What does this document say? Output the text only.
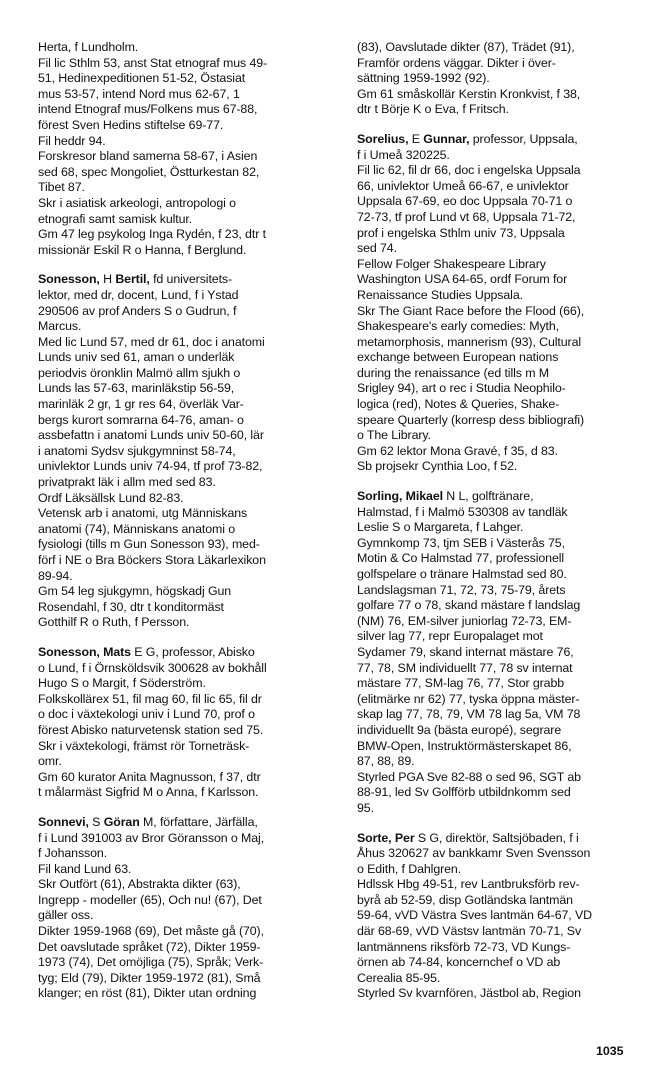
Herta, f Lundholm.
Fil lic Sthlm 53, anst Stat etnograf mus 49-
51, Hedinexpeditionen 51-52, Östasiat
mus 53-57, intend Nord mus 62-67, 1
intend Etnograf mus/Folkens mus 67-88,
förest Sven Hedins stiftelse 69-77.
Fil heddr 94.
Forskresor bland samerna 58-67, i Asien
sed 68, spec Mongoliet, Östturkestan 82,
Tibet 87.
Skr i asiatisk arkeologi, antropologi o
etnografi samt samisk kultur.
Gm 47 leg psykolog Inga Rydén, f 23, dtr t
missionär Eskil R o Hanna, f Berglund.
Sonesson, H Bertil, fd universitets-
lektor, med dr, docent, Lund, f i Ystad
290506 av prof Anders S o Gudrun, f
Marcus.
Med lic Lund 57, med dr 61, doc i anatomi
Lunds univ sed 61, aman o underläk
periodvis öronklin Malmö allm sjukh o
Lunds las 57-63, marinläkstip 56-59,
marinläk 2 gr, 1 gr res 64, överläk Var-
bergs kurort somrarna 64-76, aman- o
assbefattn i anatomi Lunds univ 50-60, lär
i anatomi Sydsv sjukgymninst 58-74,
univlektor Lunds univ 74-94, tf prof 73-82,
privatprakt läk i allm med sed 83.
Ordf Läksällsk Lund 82-83.
Vetensk arb i anatomi, utg Människans
anatomi (74), Människans anatomi o
fysiologi (tills m Gun Sonesson 93), med-
förf i NE o Bra Böckers Stora Läkarlexikon
89-94.
Gm 54 leg sjukgymn, högskadj Gun
Rosendahl, f 30, dtr t konditormäst
Gotthilf R o Ruth, f Persson.
Sonesson, Mats E G, professor, Abisko
o Lund, f i Örnsköldsvik 300628 av bokhåll
Hugo S o Margit, f Söderström.
Folkskollärex 51, fil mag 60, fil lic 65, fil dr
o doc i växtekologi univ i Lund 70, prof o
förest Abisko naturvetensk station sed 75.
Skr i växtekologi, främst rör Torneträsk-
omr.
Gm 60 kurator Anita Magnusson, f 37, dtr
t målarmäst Sigfrid M o Anna, f Karlsson.
Sonnevi, S Göran M, författare, Järfälla,
f i Lund 391003 av Bror Göransson o Maj,
f Johansson.
Fil kand Lund 63.
Skr Outfört (61), Abstrakta dikter (63),
Ingrepp - modeller (65), Och nu! (67), Det
gäller oss.
Dikter 1959-1968 (69), Det måste gå (70),
Det oavslutade språket (72), Dikter 1959-
1973 (74), Det omöjliga (75), Språk; Verk-
tyg; Eld (79), Dikter 1959-1972 (81), Små
klanger; en röst (81), Dikter utan ordning
(83), Oavslutade dikter (87), Trädet (91),
Framför ordens väggar. Dikter i över-
sättning 1959-1992 (92).
Gm 61 småskollär Kerstin Kronkvist, f 38,
dtr t Börje K o Eva, f Fritsch.
Sorelius, E Gunnar, professor, Uppsala,
f i Umeå 320225.
Fil lic 62, fil dr 66, doc i engelska Uppsala
66, univlektor Umeå 66-67, e univlektor
Uppsala 67-69, eo doc Uppsala 70-71 o
72-73, tf prof Lund vt 68, Uppsala 71-72,
prof i engelska Sthlm univ 73, Uppsala
sed 74.
Fellow Folger Shakespeare Library
Washington USA 64-65, ordf Forum for
Renaissance Studies Uppsala.
Skr The Giant Race before the Flood (66),
Shakespeare's early comedies: Myth,
metamorphosis, mannerism (93), Cultural
exchange between European nations
during the renaissance (ed tills m M
Srigley 94), art o rec i Studia Neophilo-
logica (red), Notes & Queries, Shake-
speare Quarterly (korresp dess bibliografi)
o The Library.
Gm 62 lektor Mona Gravé, f 35, d 83.
Sb projsekr Cynthia Loo, f 52.
Sorling, Mikael N L, golftränare,
Halmstad, f i Malmö 530308 av tandläk
Leslie S o Margareta, f Lahger.
Gymnkomp 73, tjm SEB i Västerås 75,
Motin & Co Halmstad 77, professionell
golfspelare o tränare Halmstad sed 80.
Landslagsman 71, 72, 73, 75-79, årets
golfare 77 o 78, skand mästare f landslag
(NM) 76, EM-silver juniorlag 72-73, EM-
silver lag 77, repr Europalaget mot
Sydamer 79, skand internat mästare 76,
77, 78, SM individuellt 77, 78 sv internat
mästare 77, SM-lag 76, 77, Stor grabb
(elitmärke nr 62) 77, tyska öppna mäster-
skap lag 77, 78, 79, VM 78 lag 5a, VM 78
individuellt 9a (bästa europé), segrare
BMW-Open, Instruktörmästerskapet 86,
87, 88, 89.
Styrled PGA Sve 82-88 o sed 96, SGT ab
88-91, led Sv Golfförb utbildnkomm sed
95.
Sorte, Per S G, direktör, Saltsjöbaden, f i
Åhus 320627 av bankkamr Sven Svensson
o Edith, f Dahlgren.
Hdlssk Hbg 49-51, rev Lantbruksförb rev-
byrå ab 52-59, disp Gotländska lantmän
59-64, vVD Västra Sves lantmän 64-67, VD
där 68-69, vVD Västsv lantmän 70-71, Sv
lantmännens riksförb 72-73, VD Kungs-
örnen ab 74-84, koncernchef o VD ab
Cerealia 85-95.
Styrled Sv kvarnfören, Jästbol ab, Region
1035
